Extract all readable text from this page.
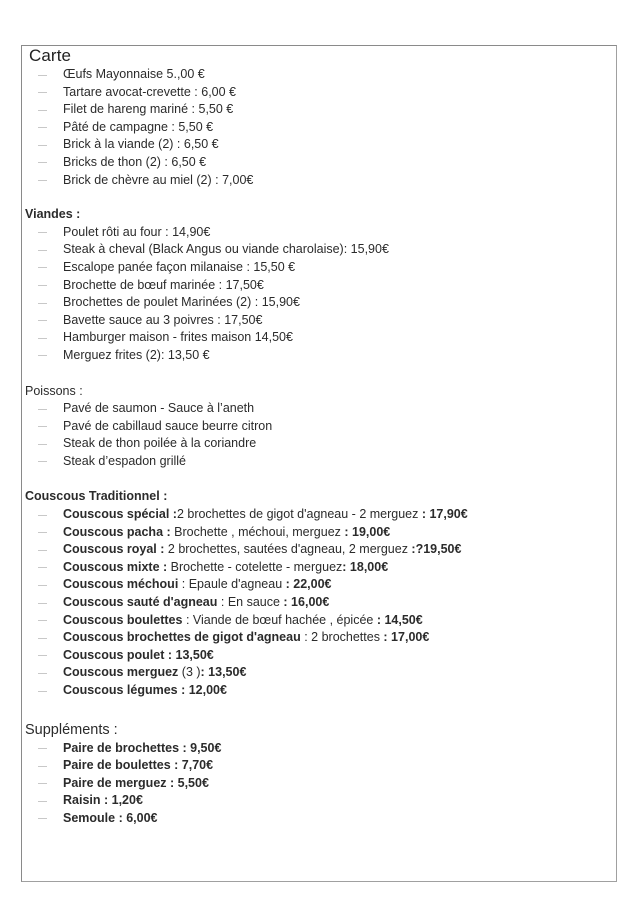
Carte
Œufs Mayonnaise 5.,00 €
Tartare avocat-crevette : 6,00 €
Filet de hareng mariné : 5,50 €
Pâté de campagne : 5,50 €
Brick à la viande (2) : 6,50 €
Bricks de thon (2) : 6,50 €
Brick de chèvre au miel (2) : 7,00€
Viandes :
Poulet rôti au four : 14,90€
Steak à cheval (Black Angus ou viande charolaise): 15,90€
Escalope panée façon milanaise : 15,50 €
Brochette de bœuf marinée : 17,50€
Brochettes de poulet Marinées (2) : 15,90€
Bavette sauce au 3 poivres : 17,50€
Hamburger maison - frites maison 14,50€
Merguez frites (2): 13,50 €
Poissons :
Pavé de saumon - Sauce à l’aneth
Pavé de cabillaud sauce beurre citron
Steak de thon poilée à la coriandre
Steak d’espadon grillé
Couscous Traditionnel :
Couscous spécial :2 brochettes de gigot d'agneau - 2 merguez : 17,90€
Couscous pacha : Brochette , méchoui, merguez : 19,00€
Couscous royal : 2 brochettes, sautées d'agneau, 2 merguez :?19,50€
Couscous mixte : Brochette - cotelette - merguez: 18,00€
Couscous méchoui : Epaule d'agneau : 22,00€
Couscous sauté d'agneau : En sauce : 16,00€
Couscous boulettes : Viande de bœuf hachée , épicée : 14,50€
Couscous brochettes de gigot d'agneau : 2 brochettes : 17,00€
Couscous poulet : 13,50€
Couscous merguez (3 ): 13,50€
Couscous légumes : 12,00€
Suppléments :
Paire de brochettes : 9,50€
Paire de boulettes : 7,70€
Paire de merguez : 5,50€
Raisin : 1,20€
Semoule : 6,00€
